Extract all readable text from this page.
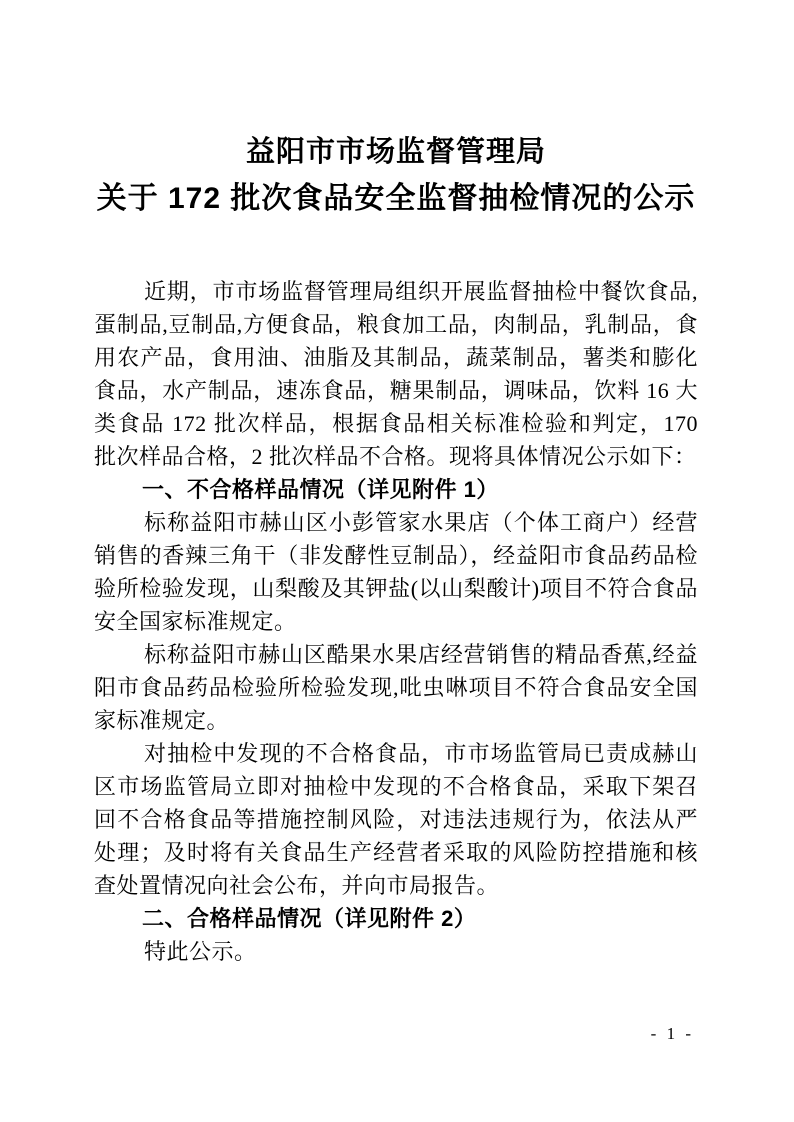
益阳市市场监督管理局
关于 172 批次食品安全监督抽检情况的公示

近期，市市场监督管理局组织开展监督抽检中餐饮食品,蛋制品,豆制品,方便食品，粮食加工品，肉制品，乳制品，食用农产品，食用油、油脂及其制品，蔬菜制品，薯类和膨化食品，水产制品，速冻食品，糖果制品，调味品，饮料 16 大类食品 172 批次样品，根据食品相关标准检验和判定，170 批次样品合格，2 批次样品不合格。现将具体情况公示如下：

一、不合格样品情况（详见附件 1）

标称益阳市赫山区小彭管家水果店（个体工商户）经营销售的香辣三角干（非发酵性豆制品），经益阳市食品药品检验所检验发现，山梨酸及其钾盐(以山梨酸计)项目不符合食品安全国家标准规定。

标称益阳市赫山区酷果水果店经营销售的精品香蕉,经益阳市食品药品检验所检验发现,吡虫啉项目不符合食品安全国家标准规定。

对抽检中发现的不合格食品，市市场监管局已责成赫山区市场监管局立即对抽检中发现的不合格食品，采取下架召回不合格食品等措施控制风险，对违法违规行为，依法从严处理；及时将有关食品生产经营者采取的风险防控措施和核查处置情况向社会公布，并向市局报告。

二、合格样品情况（详见附件 2）

特此公示。

- 1 -
